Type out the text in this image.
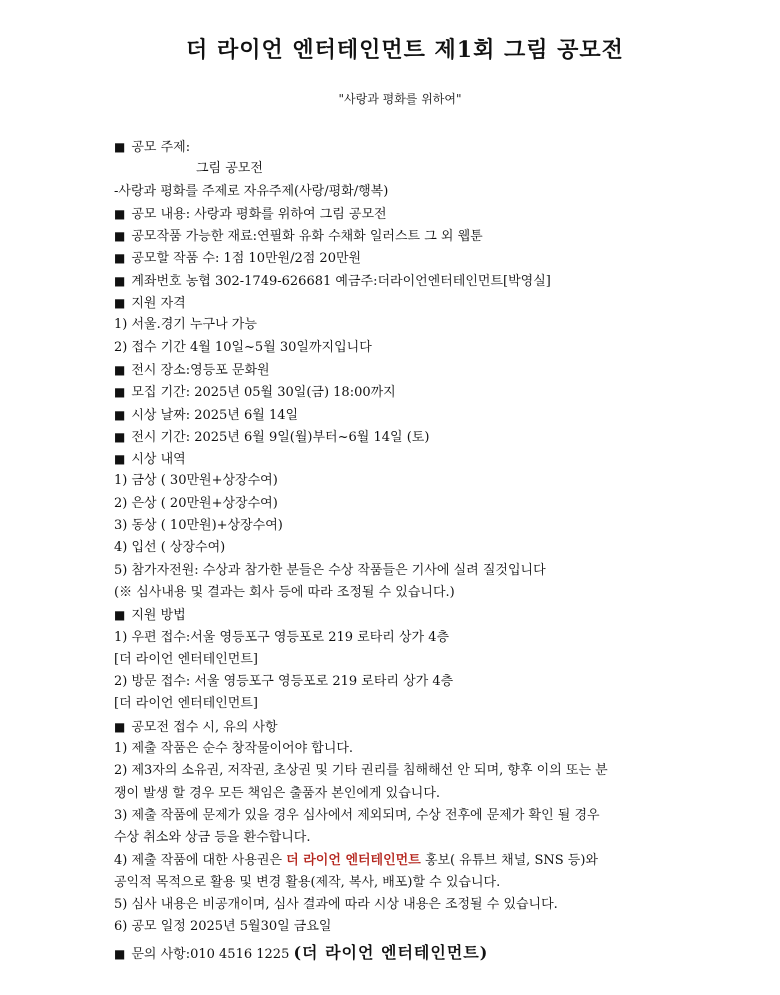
더 라이언 엔터테인먼트 제1회 그림 공모전
"사랑과 평화를 위하여"
■ 공모 주제:
그림 공모전
-사랑과 평화를 주제로 자유주제(사랑/평화/행복)
■ 공모 내용: 사랑과 평화를 위하여 그림 공모전
■ 공모작품 가능한 재료:연필화 유화 수채화 일러스트 그 외 웹툰
■ 공모할 작품 수: 1점 10만원/2점 20만원
■ 계좌번호 농협 302-1749-626681 예금주:더라이언엔터테인먼트[박영실]
■ 지원 자격
1) 서울.경기 누구나 가능
2) 접수 기간 4월 10일~5월 30일까지입니다
■ 전시 장소:영등포 문화원
■ 모집 기간: 2025년 05월 30일(금) 18:00까지
■ 시상 날짜: 2025년 6월 14일
■ 전시 기간: 2025년 6월 9일(월)부터~6월 14일 (토)
■ 시상 내역
1) 금상 ( 30만원+상장수여)
2) 은상 ( 20만원+상장수여)
3) 동상 ( 10만원)+상장수여)
4) 입선 ( 상장수여)
5) 참가자전원: 수상과 참가한 분들은 수상 작품들은 기사에 실려 질것입니다
(※ 심사내용 및 결과는 회사 등에 따라 조정될 수 있습니다.)
■ 지원 방법
1) 우편 접수:서울 영등포구 영등포로 219 로타리 상가 4층
[더 라이언 엔터테인먼트]
2) 방문 접수: 서울 영등포구 영등포로 219 로타리 상가 4층
[더 라이언 엔터테인먼트]
■ 공모전 접수 시, 유의 사항
1) 제출 작품은 순수 창작물이어야 합니다.
2) 제3자의 소유권, 저작권, 초상권 및 기타 권리를 침해해선 안 되며, 향후 이의 또는 분
쟁이 발생 할 경우 모든 책임은 출품자 본인에게 있습니다.
3) 제출 작품에 문제가 있을 경우 심사에서 제외되며, 수상 전후에 문제가 확인 될 경우
수상 취소와 상금 등을 환수합니다.
4) 제출 작품에 대한 사용권은 더 라이언 엔터테인먼트 홍보( 유튜브 채널, SNS 등)와
공익적 목적으로 활용 및 변경 활용(제작, 복사, 배포)할 수 있습니다.
5) 심사 내용은 비공개이며, 심사 결과에 따라 시상 내용은 조정될 수 있습니다.
6) 공모 일정 2025년 5월30일 금요일
■ 문의 사항:010 4516 1225 (더 라이언 엔터테인먼트)
